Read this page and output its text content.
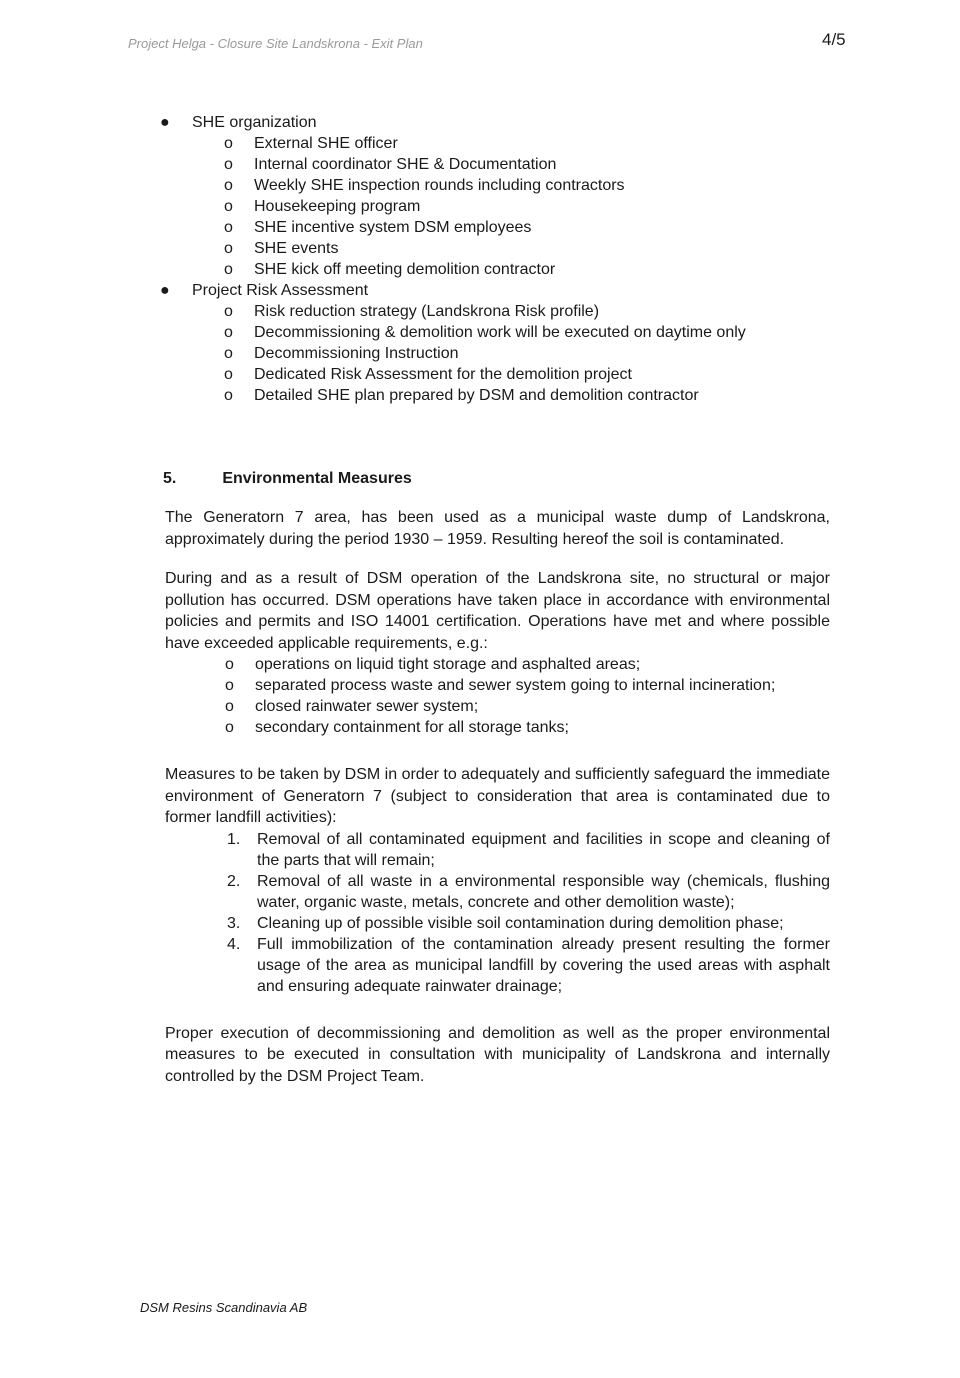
Project Helga - Closure Site Landskrona - Exit Plan	4/5
● SHE organization
o External SHE officer
o Internal coordinator SHE & Documentation
o Weekly SHE inspection rounds including contractors
o Housekeeping program
o SHE incentive system DSM employees
o SHE events
o SHE kick off meeting demolition contractor
● Project Risk Assessment
o Risk reduction strategy (Landskrona Risk profile)
o Decommissioning & demolition work will be executed on daytime only
o Decommissioning Instruction
o Dedicated Risk Assessment for the demolition project
o Detailed SHE plan prepared by DSM and demolition contractor
5.	Environmental Measures

The Generatorn 7 area, has been used as a municipal waste dump of Landskrona, approximately during the period 1930 – 1959. Resulting hereof the soil is contaminated.

During and as a result of DSM operation of the Landskrona site, no structural or major pollution has occurred. DSM operations have taken place in accordance with environmental policies and permits and ISO 14001 certification. Operations have met and where possible have exceeded applicable requirements, e.g.:

o operations on liquid tight storage and asphalted areas;
o separated process waste and sewer system going to internal incineration;
o closed rainwater sewer system;
o secondary containment for all storage tanks;

Measures to be taken by DSM in order to adequately and sufficiently safeguard the immediate environment of Generatorn 7 (subject to consideration that area is contaminated due to former landfill activities):

1. Removal of all contaminated equipment and facilities in scope and cleaning of the parts that will remain;
2. Removal of all waste in a environmental responsible way (chemicals, flushing water, organic waste, metals, concrete and other demolition waste);
3. Cleaning up of possible visible soil contamination during demolition phase;
4. Full immobilization of the contamination already present resulting the former usage of the area as municipal landfill by covering the used areas with asphalt and ensuring adequate rainwater drainage;

Proper execution of decommissioning and demolition as well as the proper environmental measures to be executed in consultation with municipality of Landskrona and internally controlled by the DSM Project Team.

DSM Resins Scandinavia AB
